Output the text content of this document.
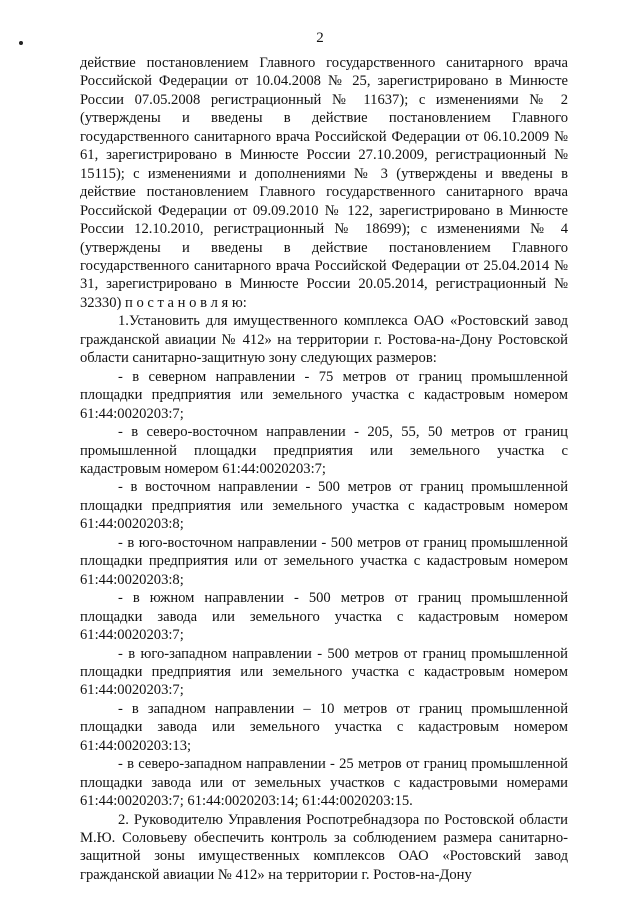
2

действие постановлением Главного государственного санитарного врача Российской Федерации от 10.04.2008 № 25, зарегистрировано в Минюсте России 07.05.2008 регистрационный № 11637); с изменениями № 2 (утверждены и введены в действие постановлением Главного государственного санитарного врача Российской Федерации от 06.10.2009 № 61, зарегистрировано в Минюсте России 27.10.2009, регистрационный № 15115); с изменениями и дополнениями № 3 (утверждены и введены в действие постановлением Главного государственного санитарного врача Российской Федерации от 09.09.2010 № 122, зарегистрировано в Минюсте России 12.10.2010, регистрационный № 18699); с изменениями № 4 (утверждены и введены в действие постановлением Главного государственного санитарного врача Российской Федерации от 25.04.2014 № 31, зарегистрировано в Минюсте России 20.05.2014, регистрационный № 32330) п о с т а н о в л я ю:

1.Установить для имущественного комплекса ОАО «Ростовский завод гражданской авиации № 412» на территории г. Ростова-на-Дону Ростовской области санитарно-защитную зону следующих размеров:

- в северном направлении - 75 метров от границ промышленной площадки предприятия или земельного участка с кадастровым номером 61:44:0020203:7;

- в северо-восточном направлении - 205, 55, 50 метров от границ промышленной площадки предприятия или земельного участка с кадастровым номером 61:44:0020203:7;

- в восточном направлении - 500 метров от границ промышленной площадки предприятия или земельного участка с кадастровым номером 61:44:0020203:8;

- в юго-восточном направлении - 500 метров от границ промышленной площадки предприятия или от земельного участка с кадастровым номером 61:44:0020203:8;

- в южном направлении - 500 метров от границ промышленной площадки завода или земельного участка с кадастровым номером 61:44:0020203:7;

- в юго-западном направлении - 500 метров от границ промышленной площадки предприятия или земельного участка с кадастровым номером 61:44:0020203:7;

- в западном направлении – 10 метров от границ промышленной площадки завода или земельного участка с кадастровым номером 61:44:0020203:13;

- в северо-западном направлении - 25 метров от границ промышленной площадки завода или от земельных участков с кадастровыми номерами 61:44:0020203:7; 61:44:0020203:14; 61:44:0020203:15.

2. Руководителю Управления Роспотребнадзора по Ростовской области М.Ю. Соловьеву обеспечить контроль за соблюдением размера санитарно-защитной зоны имущественных комплексов ОАО «Ростовский завод гражданской авиации № 412» на территории г. Ростов-на-Дону
